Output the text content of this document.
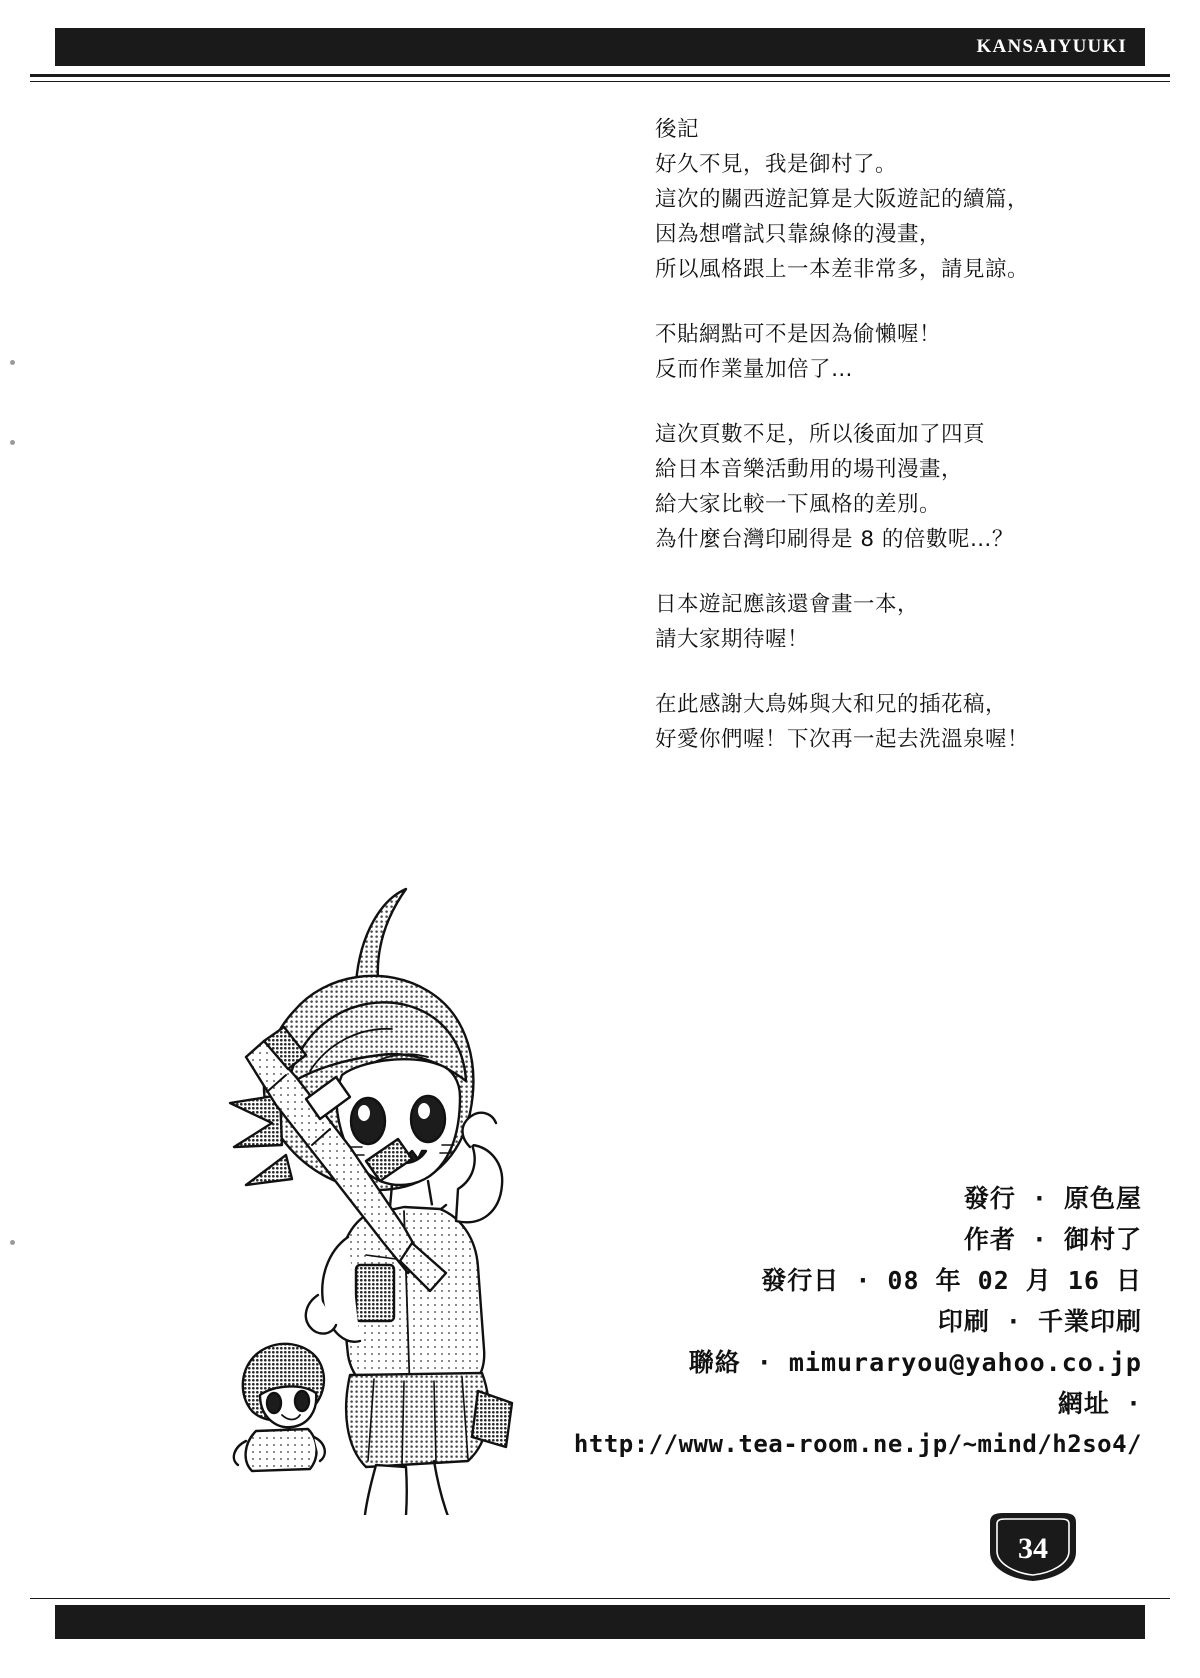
KANSAIYUUKI

後記
好久不見，我是御村了。
這次的關西遊記算是大阪遊記的續篇，
因為想嚐試只靠線條的漫畫，
所以風格跟上一本差非常多，請見諒。

不貼網點可不是因為偷懶喔！
反而作業量加倍了…

這次頁數不足，所以後面加了四頁
給日本音樂活動用的場刊漫畫，
給大家比較一下風格的差別。
為什麼台灣印刷得是 8 的倍數呢…？

日本遊記應該還會畫一本，
請大家期待喔！

在此感謝大鳥姊與大和兄的插花稿，
好愛你們喔！下次再一起去洗溫泉喔！

發行 · 原色屋
作者 · 御村了
發行日 · 08 年 02 月 16 日
印刷 · 千業印刷
聯絡 · mimuraryou@yahoo.co.jp
網址 ·
http://www.tea-room.ne.jp/~mind/h2so4/
34
